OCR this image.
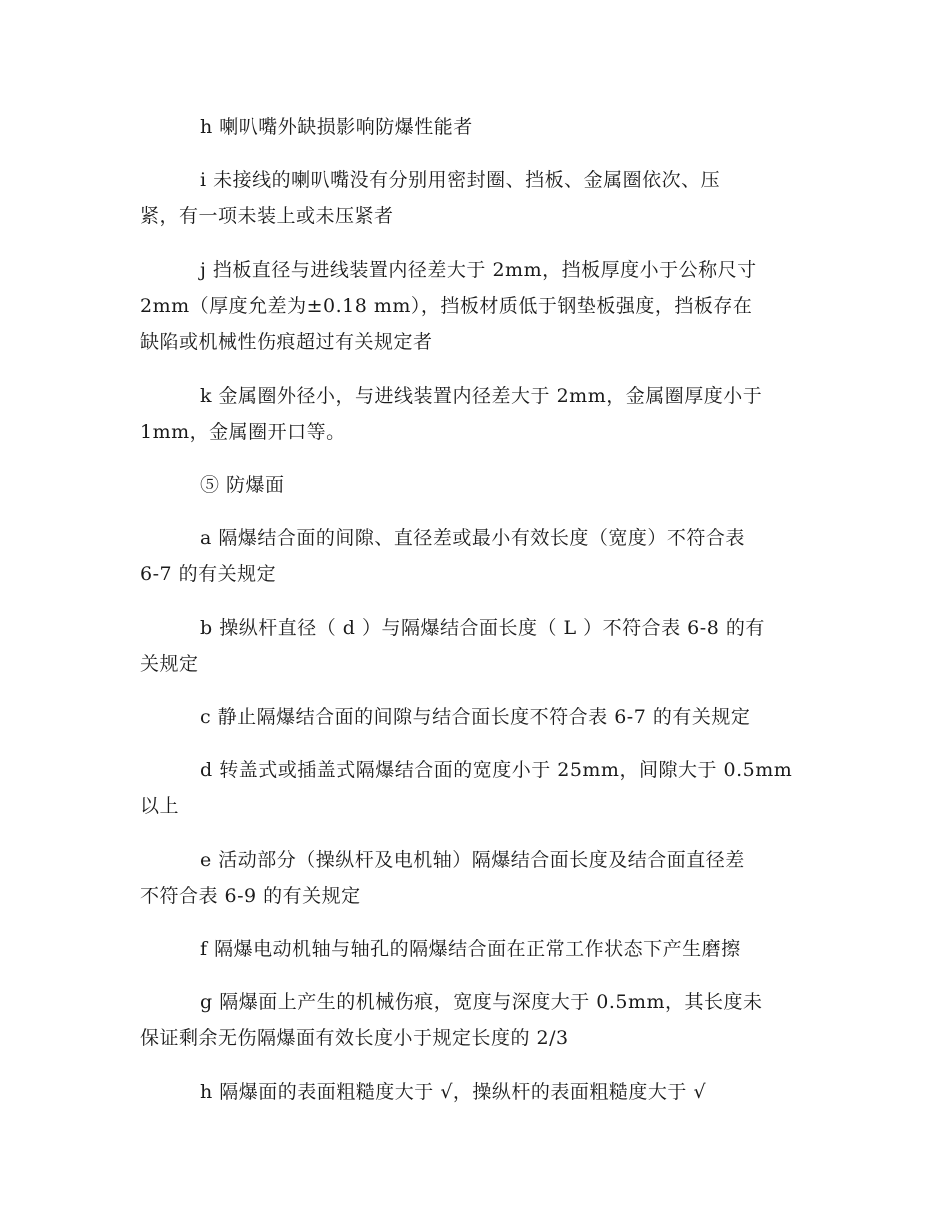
h 喇叭嘴外缺损影响防爆性能者
i 未接线的喇叭嘴没有分别用密封圈、挡板、金属圈依次、压
紧，有一项未装上或未压紧者
j 挡板直径与进线装置内径差大于 2mm，挡板厚度小于公称尺寸
2mm（厚度允差为±0.18 mm），挡板材质低于钢垫板强度，挡板存在
缺陷或机械性伤痕超过有关规定者
k 金属圈外径小，与进线装置内径差大于 2mm，金属圈厚度小于
1mm，金属圈开口等。
⑤ 防爆面
a 隔爆结合面的间隙、直径差或最小有效长度（宽度）不符合表
6-7 的有关规定
b 操纵杆直径（ d ）与隔爆结合面长度（ L ）不符合表 6-8 的有
关规定
c 静止隔爆结合面的间隙与结合面长度不符合表 6-7 的有关规定
d 转盖式或插盖式隔爆结合面的宽度小于 25mm，间隙大于 0.5mm
以上
e 活动部分（操纵杆及电机轴）隔爆结合面长度及结合面直径差
不符合表 6-9 的有关规定
f 隔爆电动机轴与轴孔的隔爆结合面在正常工作状态下产生磨擦
g 隔爆面上产生的机械伤痕，宽度与深度大于 0.5mm，其长度未
保证剩余无伤隔爆面有效长度小于规定长度的 2/3
h 隔爆面的表面粗糙度大于 √，操纵杆的表面粗糙度大于 √
